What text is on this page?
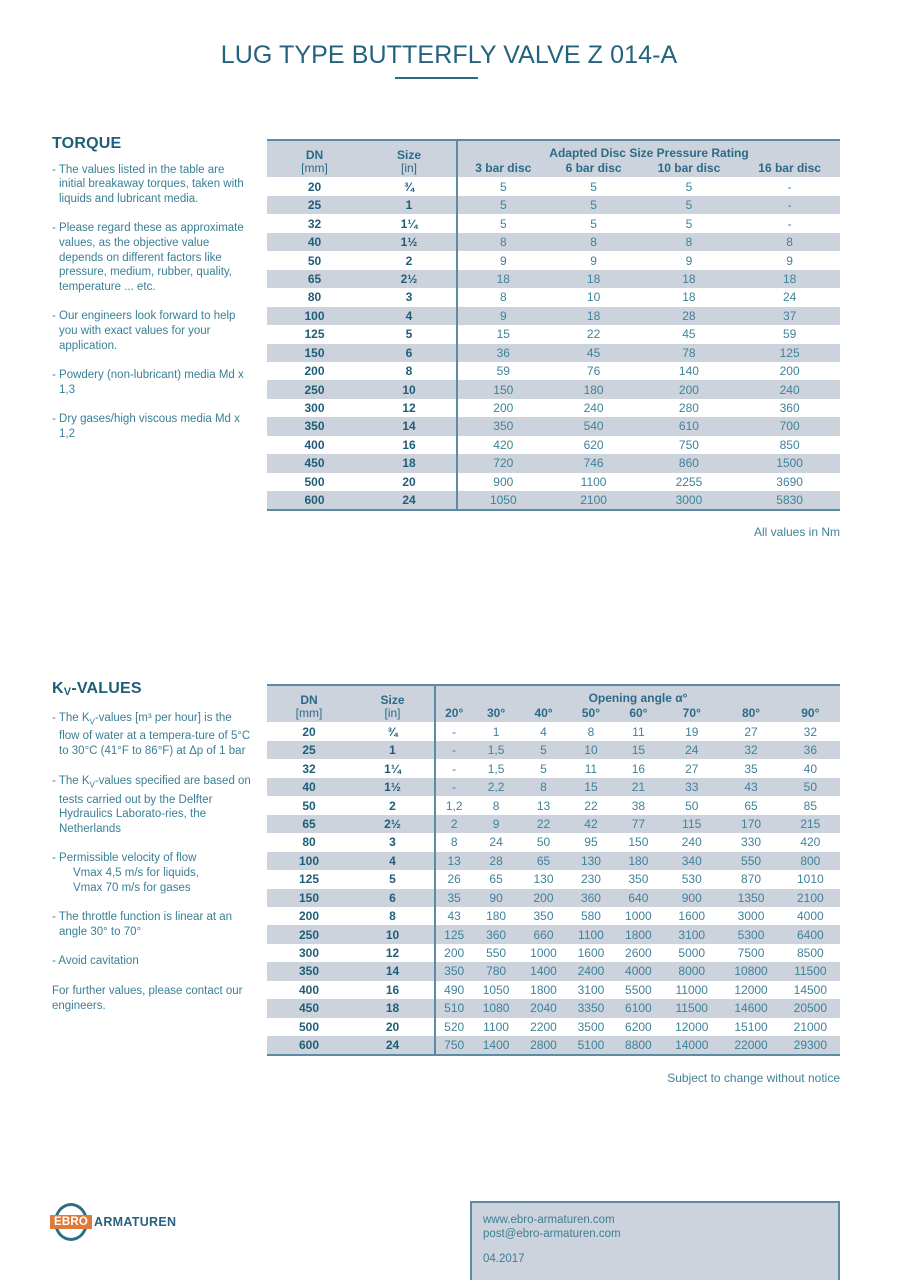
LUG TYPE BUTTERFLY VALVE Z 014-A
TORQUE

- The values listed in the table are initial breakaway torques, taken with liquids and lubricant media.

- Please regard these as approximate values, as the objective value depends on different factors like pressure, medium, rubber, quality, temperature ... etc.

- Our engineers look forward to help you with exact values for your application.

- Powdery (non-lubricant) media Md x 1,3

- Dry gases/high viscous media Md x 1,2

DN
[mm]	Size
[in]	Adapted Disc Size Pressure Rating			
		3 bar disc	6 bar disc	10 bar disc	16 bar disc
20	¾	5	5	5	-
25	1	5	5	5	-
32	1¼	5	5	5	-
40	1½	8	8	8	8
50	2	9	9	9	9
65	2½	18	18	18	18
80	3	8	10	18	24
100	4	9	18	28	37
125	5	15	22	45	59
150	6	36	45	78	125
200	8	59	76	140	200
250	10	150	180	200	240
300	12	200	240	280	360
350	14	350	540	610	700
400	16	420	620	750	850
450	18	720	746	860	1500
500	20	900	1100	2255	3690
600	24	1050	2100	3000	5830
All values in Nm
$K_V$-VALUES

- The $K_V$-values [m³ per hour] is the flow of water at a tempera-ture of 5°C to 30°C (41°F to 86°F) at Δp of 1 bar

- The $K_V$-values specified are based on tests carried out by the Delfter Hydraulics Laborato-ries, the Netherlands

- Permissible velocity of flow
Vmax 4,5 m/s for liquids,
Vmax 70 m/s for gases

- The throttle function is linear at an angle 30° to 70°

- Avoid cavitation

For further values, please contact our engineers.

DN
[mm]	Size
[in]	Opening angle α°							
		20°	30°	40°	50°	60°	70°	80°	90°
20	¾	-	1	4	8	11	19	27	32
25	1	-	1,5	5	10	15	24	32	36
32	1¼	-	1,5	5	11	16	27	35	40
40	1½	-	2,2	8	15	21	33	43	50
50	2	1,2	8	13	22	38	50	65	85
65	2½	2	9	22	42	77	115	170	215
80	3	8	24	50	95	150	240	330	420
100	4	13	28	65	130	180	340	550	800
125	5	26	65	130	230	350	530	870	1010
150	6	35	90	200	360	640	900	1350	2100
200	8	43	180	350	580	1000	1600	3000	4000
250	10	125	360	660	1100	1800	3100	5300	6400
300	12	200	550	1000	1600	2600	5000	7500	8500
350	14	350	780	1400	2400	4000	8000	10800	11500
400	16	490	1050	1800	3100	5500	11000	12000	14500
450	18	510	1080	2040	3350	6100	11500	14600	20500
500	20	520	1100	2200	3500	6200	12000	15100	21000
600	24	750	1400	2800	5100	8800	14000	22000	29300
Subject to change without notice
EBRO ARMATUREN	www.ebro-armaturen.com
post@ebro-armaturen.com
04.2017
